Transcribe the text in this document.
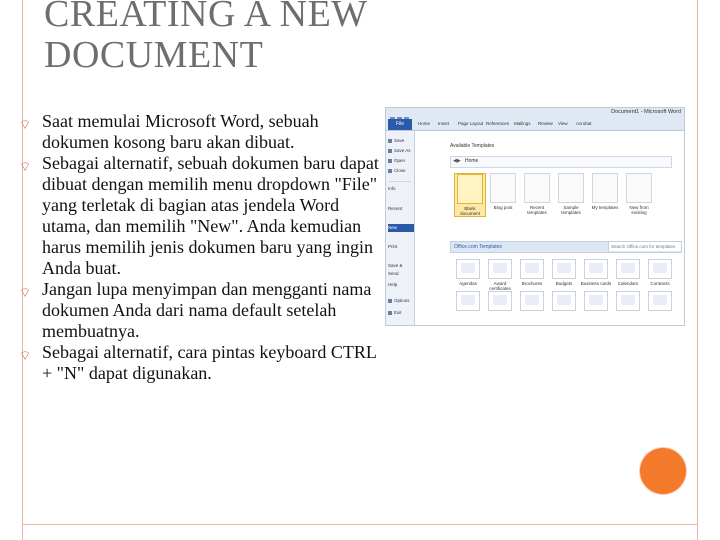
CREATING A NEW DOCUMENT
⌔ Saat memulai Microsoft Word, sebuah dokumen kosong baru akan dibuat.
⌔ Sebagai alternatif, sebuah dokumen baru dapat dibuat dengan memilih menu dropdown "File" yang terletak di bagian atas jendela Word utama, dan memilih "New". Anda kemudian harus memilih jenis dokumen baru yang ingin Anda buat.
⌔ Jangan lupa menyimpan dan mengganti nama dokumen Anda dari nama default setelah membuatnya.
⌔ Sebagai alternatif, cara pintas keyboard CTRL + "N" dapat digunakan.
Document1 - Microsoft Word
File	Home Insert Page Layout References Mailings Review View Acrobat
Save
Save As
Open
Close
Info
Recent
New
Print
Save & Send
Help
Options
Exit
Available Templates
◀▶ Home
Blank document
Blog post	Recent templates
Sample templates
My templates	New from existing
Office.com Templates	Search Office.com for templates
Agendas	Award certificates
Brochures	Budgets	Business cards	Calendars	Contracts
